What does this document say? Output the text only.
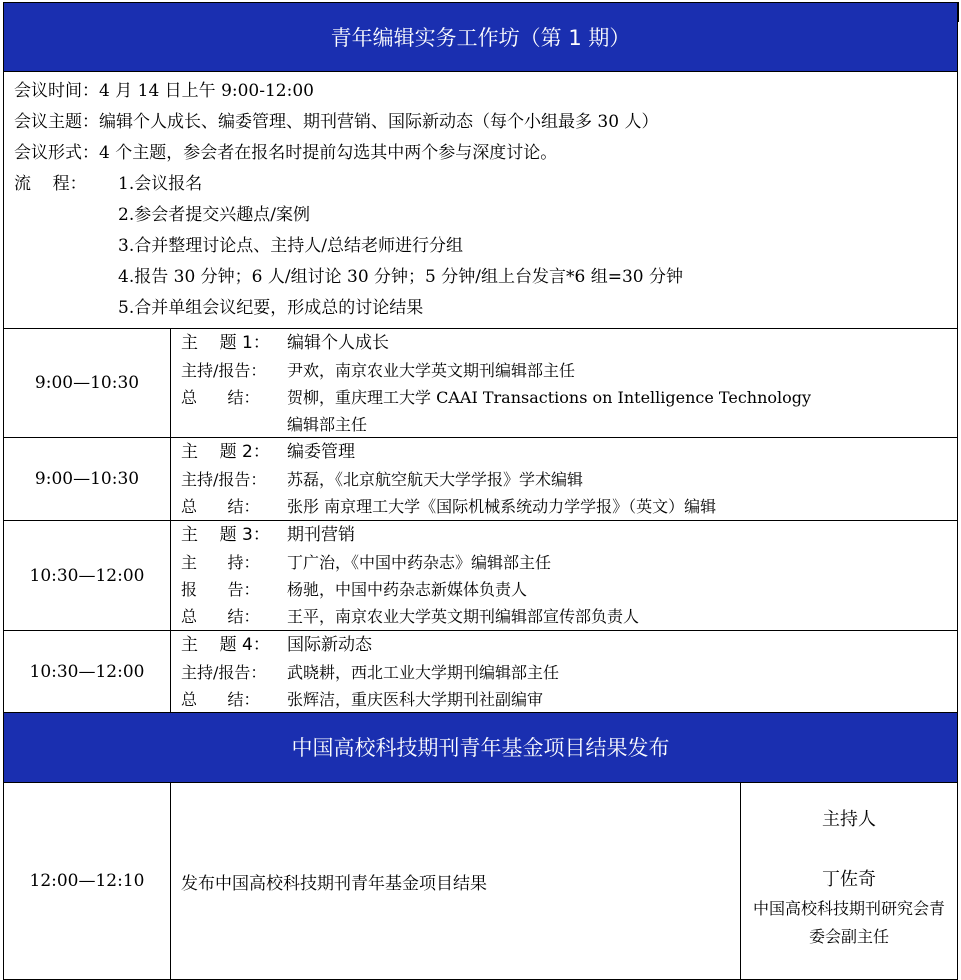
青年编辑实务工作坊（第 1 期）
会议时间：4 月 14 日上午 9:00-12:00
会议主题：编辑个人成长、编委管理、期刊营销、国际新动态（每个小组最多 30 人）
会议形式：4 个主题，参会者在报名时提前勾选其中两个参与深度讨论。
流    程： 1.会议报名
2.参会者提交兴趣点/案例
3.合并整理讨论点、主持人/总结老师进行分组
4.报告 30 分钟；6 人/组讨论 30 分钟；5 分钟/组上台发言*6 组=30 分钟
5.合并单组会议纪要，形成总的讨论结果
9:00—10:30
主    题 1： 编辑个人成长
主持/报告： 尹欢，南京农业大学英文期刊编辑部主任
总      结： 贺柳，重庆理工大学 CAAI Transactions on Intelligence Technology
编辑部主任
9:00—10:30
主    题 2： 编委管理
主持/报告： 苏磊，《北京航空航天大学学报》学术编辑
总      结： 张彤 南京理工大学《国际机械系统动力学学报》（英文）编辑
10:30—12:00
主    题 3： 期刊营销
主      持： 丁广治，《中国中药杂志》编辑部主任
报      告： 杨驰，中国中药杂志新媒体负责人
总      结： 王平，南京农业大学英文期刊编辑部宣传部负责人
10:30—12:00
主    题 4： 国际新动态
主持/报告： 武晓耕，西北工业大学期刊编辑部主任
总      结： 张辉洁，重庆医科大学期刊社副编审
中国高校科技期刊青年基金项目结果发布
12:00—12:10	发布中国高校科技期刊青年基金项目结果
主持人
丁佐奇
中国高校科技期刊研究会青委会副主任
